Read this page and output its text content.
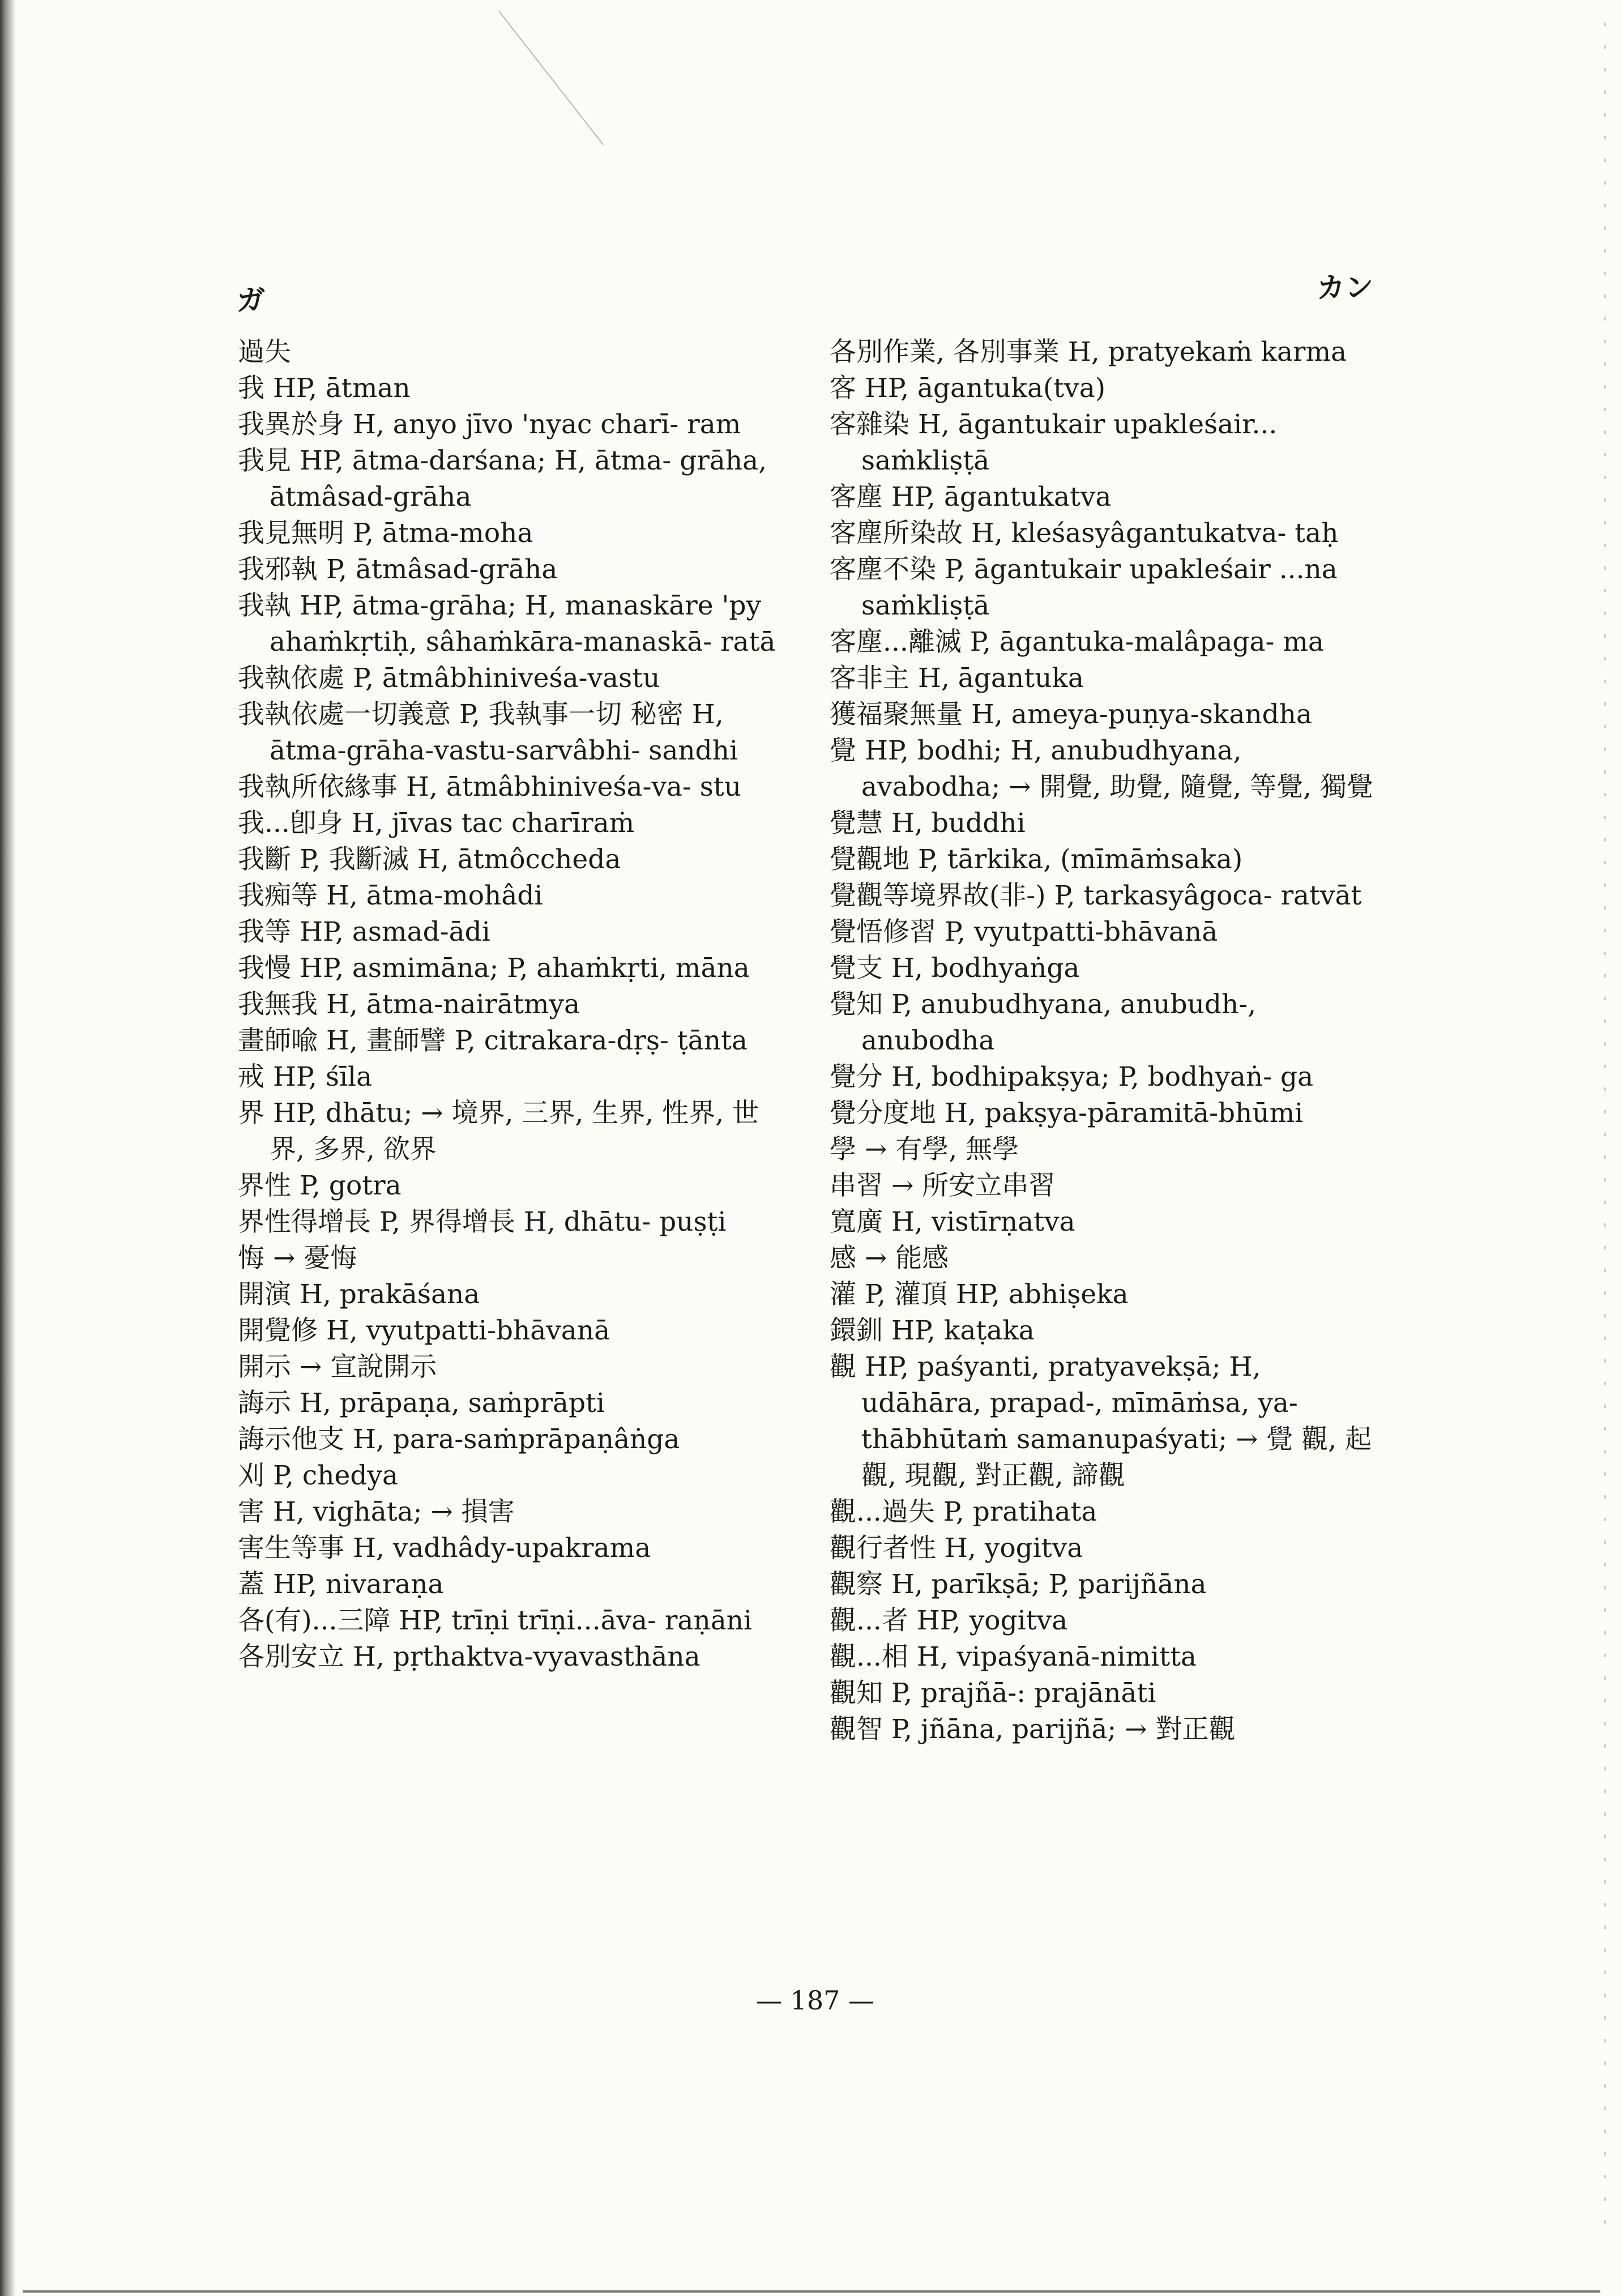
ガ	カン
過失
我 HP, ātman
我異於身 H, anyo jīvo 'nyac charī- ram
我見 HP, ātma-darśana; H, ātma- grāha, ātmâsad-grāha
我見無明 P, ātma-moha
我邪執 P, ātmâsad-grāha
我執 HP, ātma-grāha; H, manaskāre 'py ahaṁkṛtiḥ, sâhaṁkāra-manaskā- ratā
我執依處 P, ātmâbhiniveśa-vastu
我執依處一切義意 P, 我執事一切 秘密 H, ātma-grāha-vastu-sarvâbhi- sandhi
我執所依緣事 H, ātmâbhiniveśa-va- stu
我...卽身 H, jīvas tac charīraṁ
我斷 P, 我斷滅 H, ātmôccheda
我痴等 H, ātma-mohâdi
我等 HP, asmad-ādi
我慢 HP, asmimāna; P, ahaṁkṛti, māna
我無我 H, ātma-nairātmya
畫師喩 H, 畫師譬 P, citrakara-dṛṣ- ṭānta
戒 HP, śīla
界 HP, dhātu; → 境界, 三界, 生界, 性界, 世界, 多界, 欲界
界性 P, gotra
界性得增長 P, 界得增長 H, dhātu- puṣṭi
悔 → 憂悔
開演 H, prakāśana
開覺修 H, vyutpatti-bhāvanā
開示 → 宣說開示
誨示 H, prāpaṇa, saṁprāpti
誨示他支 H, para-saṁprāpaṇâṅga
刈 P, chedya
害 H, vighāta; → 損害
害生等事 H, vadhâdy-upakrama
蓋 HP, nivaraṇa
各(有)...三障 HP, trīṇi trīṇi...āva- raṇāni
各別安立 H, pṛthaktva-vyavasthāna
各別作業, 各別事業 H, pratyekaṁ karma
客 HP, āgantuka(tva)
客雜染 H, āgantukair upakleśair... saṁkliṣṭā
客塵 HP, āgantukatva
客塵所染故 H, kleśasyâgantukatva- taḥ
客塵不染 P, āgantukair upakleśair ...na saṁkliṣṭā
客塵...離滅 P, āgantuka-malâpaga- ma
客非主 H, āgantuka
獲福聚無量 H, ameya-puṇya-skandha
覺 HP, bodhi; H, anubudhyana, avabodha; → 開覺, 助覺, 隨覺, 等覺, 獨覺
覺慧 H, buddhi
覺觀地 P, tārkika, (mīmāṁsaka)
覺觀等境界故(非-) P, tarkasyâgoca- ratvāt
覺悟修習 P, vyutpatti-bhāvanā
覺支 H, bodhyaṅga
覺知 P, anubudhyana, anubudh-, anubodha
覺分 H, bodhipakṣya; P, bodhyaṅ- ga
覺分度地 H, pakṣya-pāramitā-bhūmi
學 → 有學, 無學
串習 → 所安立串習
寬廣 H, vistīrṇatva
感 → 能感
灌 P, 灌頂 HP, abhiṣeka
鐶釧 HP, kaṭaka
觀 HP, paśyanti, pratyavekṣā; H, udāhāra, prapad-, mīmāṁsa, ya- thābhūtaṁ samanupaśyati; → 覺 觀, 起觀, 現觀, 對正觀, 諦觀
觀...過失 P, pratihata
觀行者性 H, yogitva
觀察 H, parīkṣā; P, parijñāna
觀...者 HP, yogitva
觀...相 H, vipaśyanā-nimitta
觀知 P, prajñā-: prajānāti
觀智 P, jñāna, parijñā; → 對正觀
— 187 —
